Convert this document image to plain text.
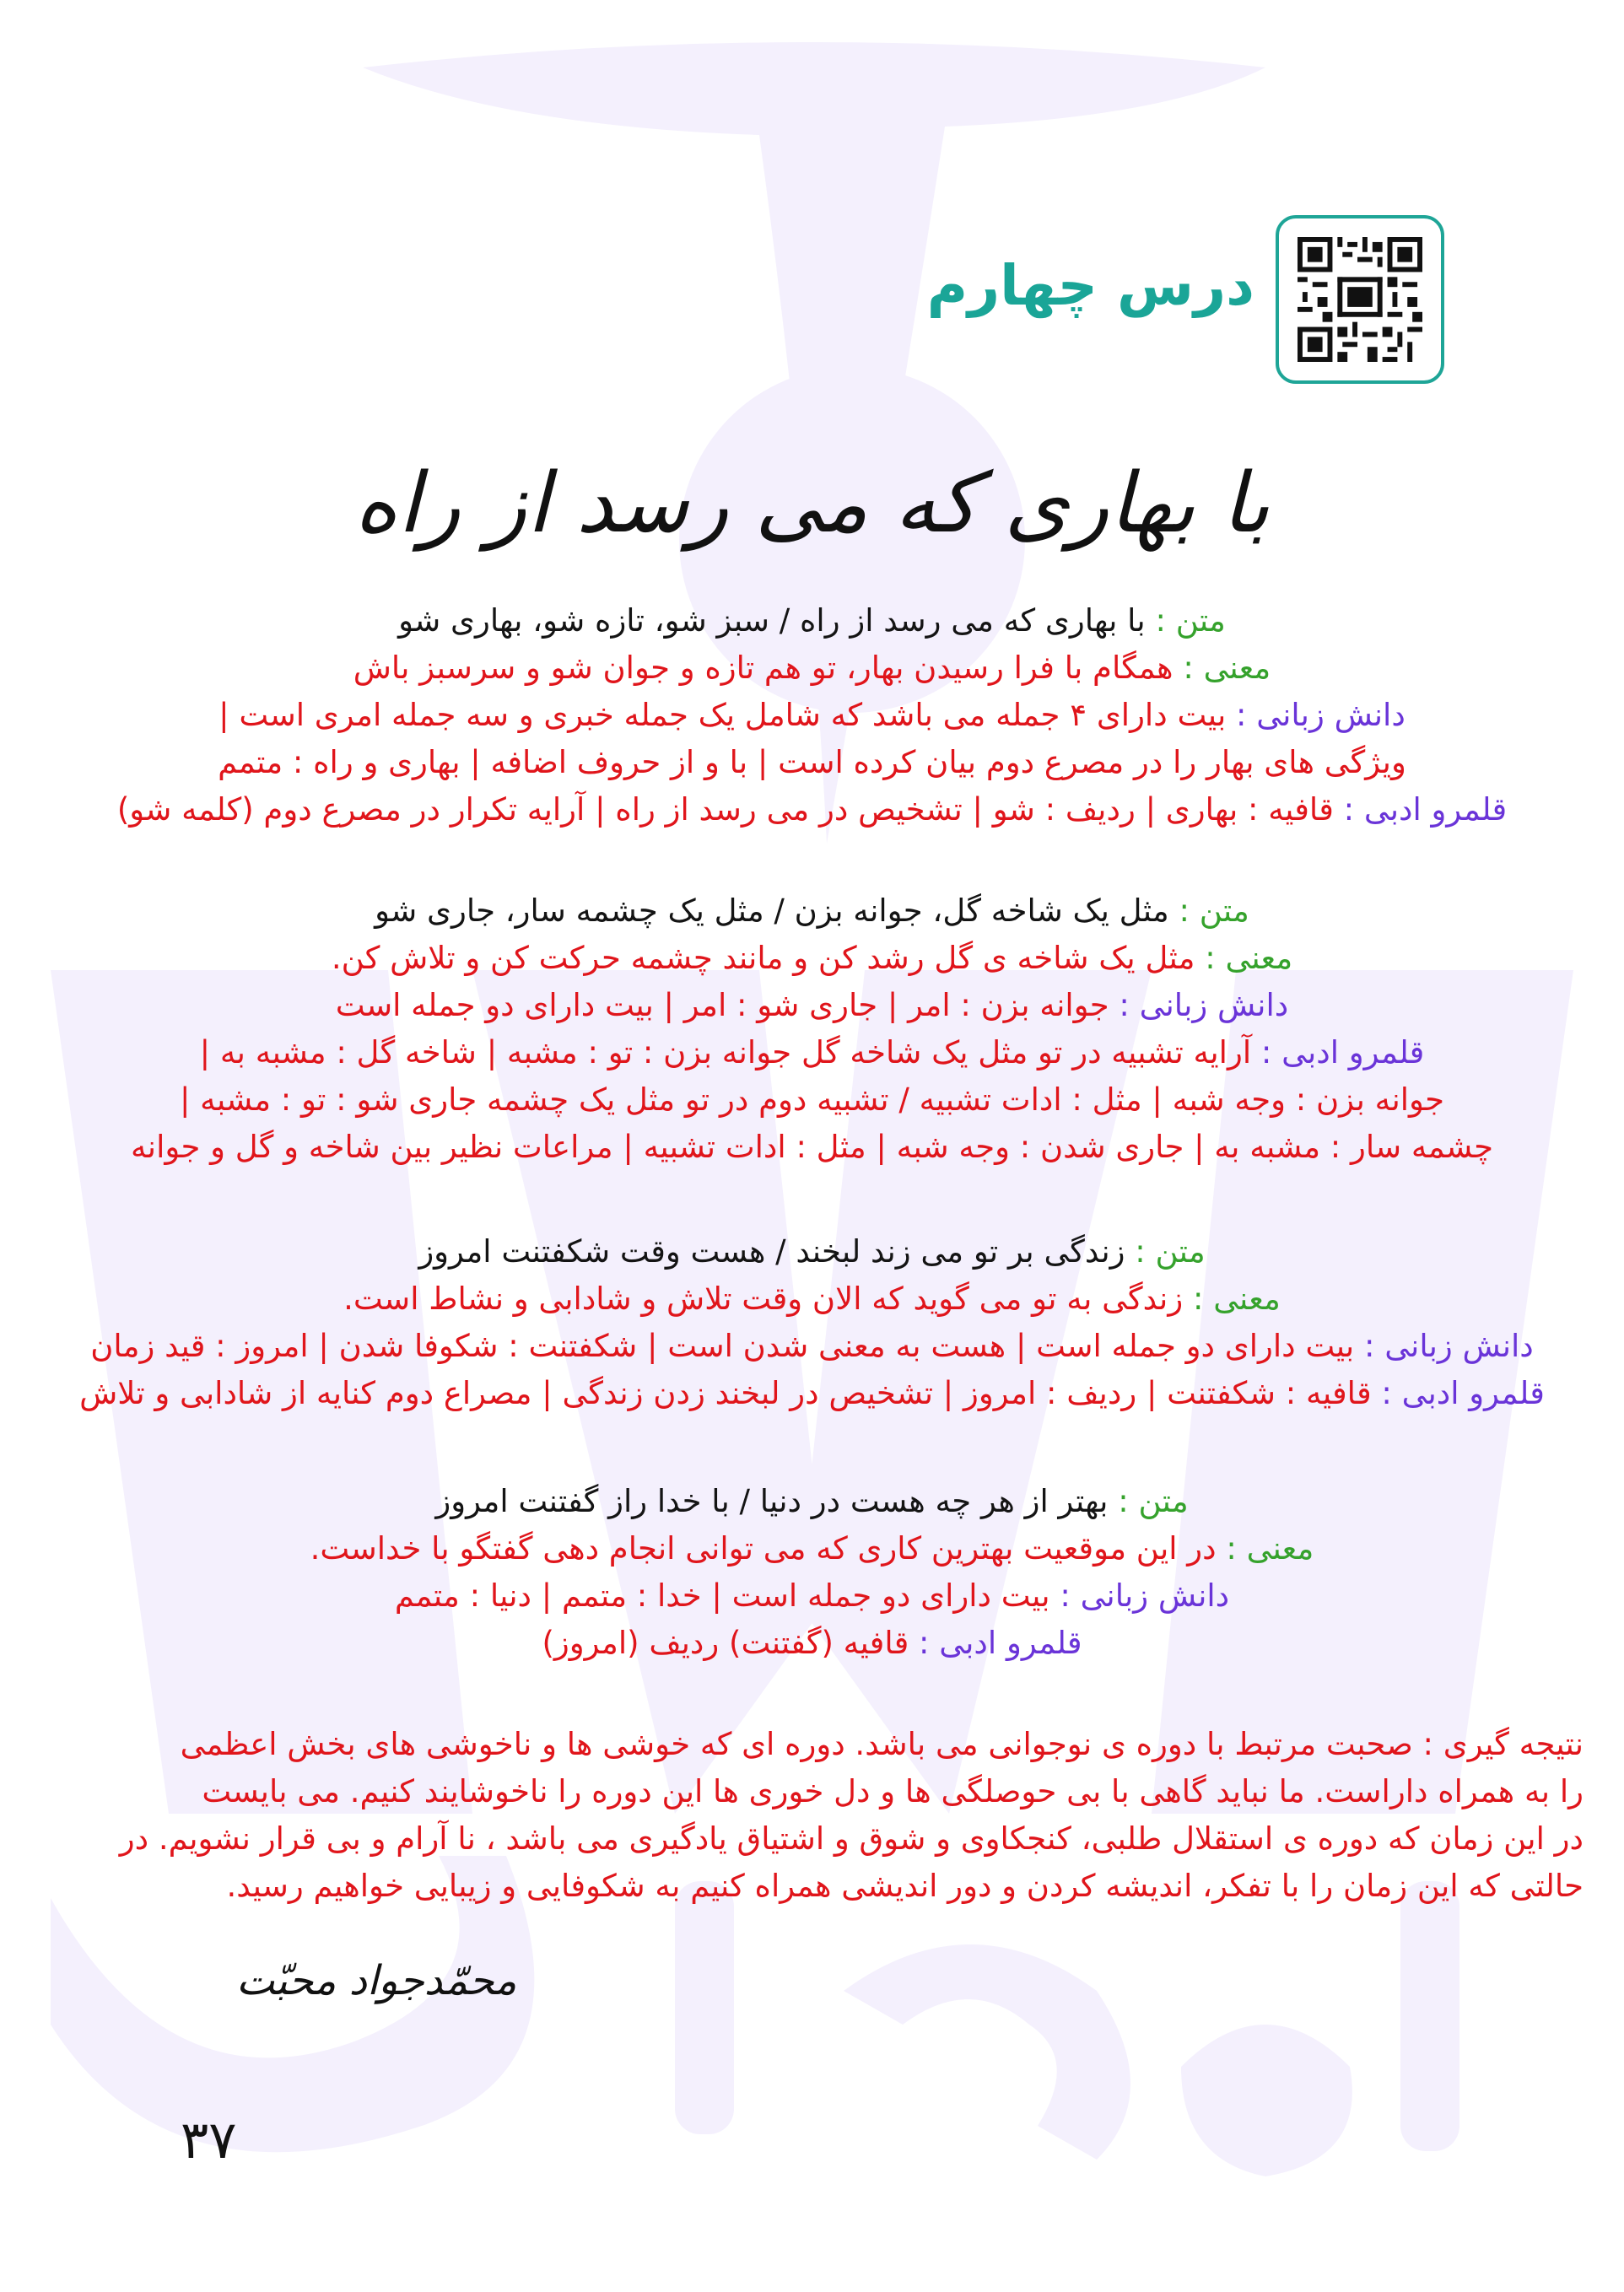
درس چهارم
با بهاری که می رسد از راه
متن : با بهاری که می رسد از راه / سبز شو، تازه شو، بهاری شو
معنی : همگام با فرا رسیدن بهار، تو هم تازه و جوان شو و سرسبز باش
دانش زبانی : بیت دارای ۴ جمله می باشد که شامل یک جمله خبری و سه جمله امری است |
ویژگی های بهار را در مصرع دوم بیان کرده است | با و از حروف اضافه | بهاری و راه : متمم
قلمرو ادبی : قافیه : بهاری | ردیف : شو | تشخیص در می رسد از راه | آرایه تکرار در مصرع دوم (کلمه شو)
متن : مثل یک شاخه گل، جوانه بزن / مثل یک چشمه سار، جاری شو
معنی : مثل یک شاخه ی گل رشد کن و مانند چشمه حرکت کن و تلاش کن.
دانش زبانی : جوانه بزن : امر | جاری شو : امر | بیت دارای دو جمله است
قلمرو ادبی : آرایه تشبیه در تو مثل یک شاخه گل جوانه بزن : تو : مشبه | شاخه گل : مشبه به |
جوانه بزن : وجه شبه | مثل : ادات تشبیه / تشبیه دوم در تو مثل یک چشمه جاری شو : تو : مشبه |
چشمه سار : مشبه به | جاری شدن : وجه شبه | مثل : ادات تشبیه | مراعات نظیر بین شاخه و گل و جوانه
متن : زندگی بر تو می زند لبخند / هست وقت شکفتنت امروز
معنی : زندگی به تو می گوید که الان وقت تلاش و شادابی و نشاط است.
دانش زبانی : بیت دارای دو جمله است | هست به معنی شدن است | شکفتنت : شکوفا شدن | امروز : قید زمان
قلمرو ادبی : قافیه : شکفتنت | ردیف : امروز | تشخیص در لبخند زدن زندگی | مصراع دوم کنایه از شادابی و تلاش
متن : بهتر از هر چه هست در دنیا / با خدا راز گفتنت امروز
معنی : در این موقعیت بهترین کاری که می توانی انجام دهی گفتگو با خداست.
دانش زبانی : بیت دارای دو جمله است | خدا : متمم | دنیا : متمم
قلمرو ادبی : قافیه (گفتنت) ردیف (امروز)
نتیجه گیری : صحبت مرتبط با دوره ی نوجوانی می باشد. دوره ای که خوشی ها و ناخوشی های بخش اعظمی
را به همراه داراست. ما نباید گاهی با بی حوصلگی ها و دل خوری ها این دوره را ناخوشایند کنیم. می بایست
در این زمان که دوره ی استقلال طلبی، کنجکاوی و شوق و اشتیاق یادگیری می باشد ، نا آرام و بی قرار نشویم. در
حالتی که این زمان را با تفکر، اندیشه کردن و دور اندیشی همراه کنیم به شکوفایی و زیبایی خواهیم رسید.
محمّدجواد محبّت
۳۷
